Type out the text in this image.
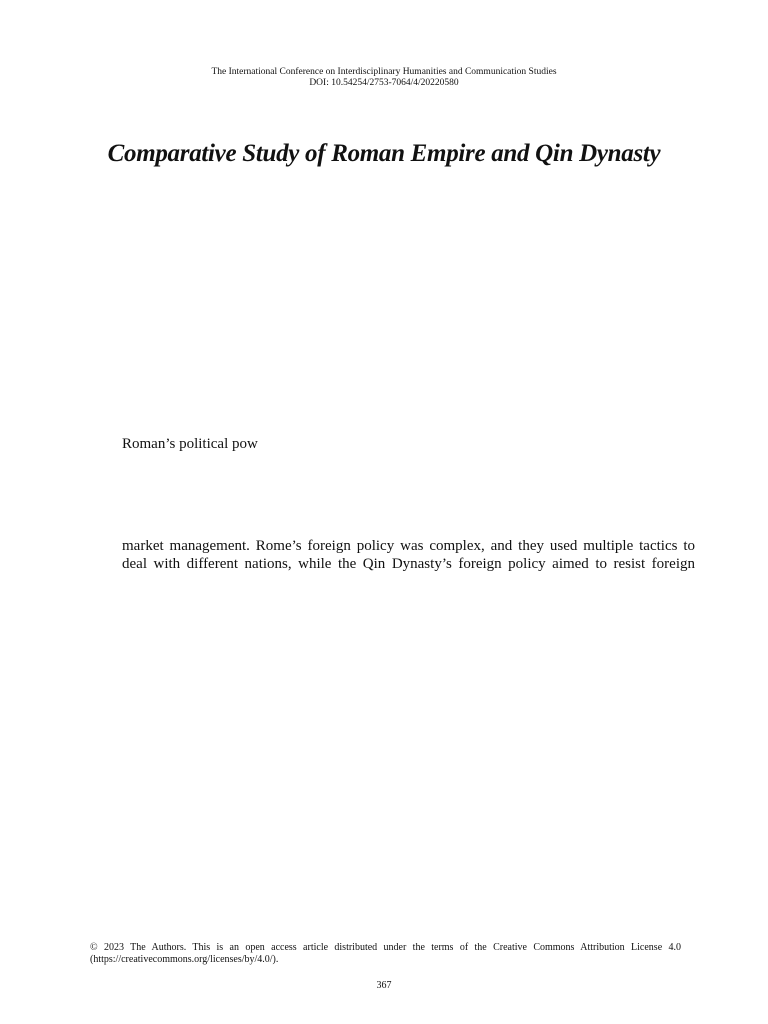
The International Conference on Interdisciplinary Humanities and Communication Studies
DOI: 10.54254/2753-7064/4/20220580
Comparative Study of Roman Empire and Qin Dynasty
Roman’s political pow
market management. Rome’s foreign policy was complex, and they used multiple tactics to
deal with different nations, while the Qin Dynasty’s foreign policy aimed to resist foreign
© 2023 The Authors. This is an open access article distributed under the terms of the Creative Commons Attribution License 4.0
(https://creativecommons.org/licenses/by/4.0/).
367
